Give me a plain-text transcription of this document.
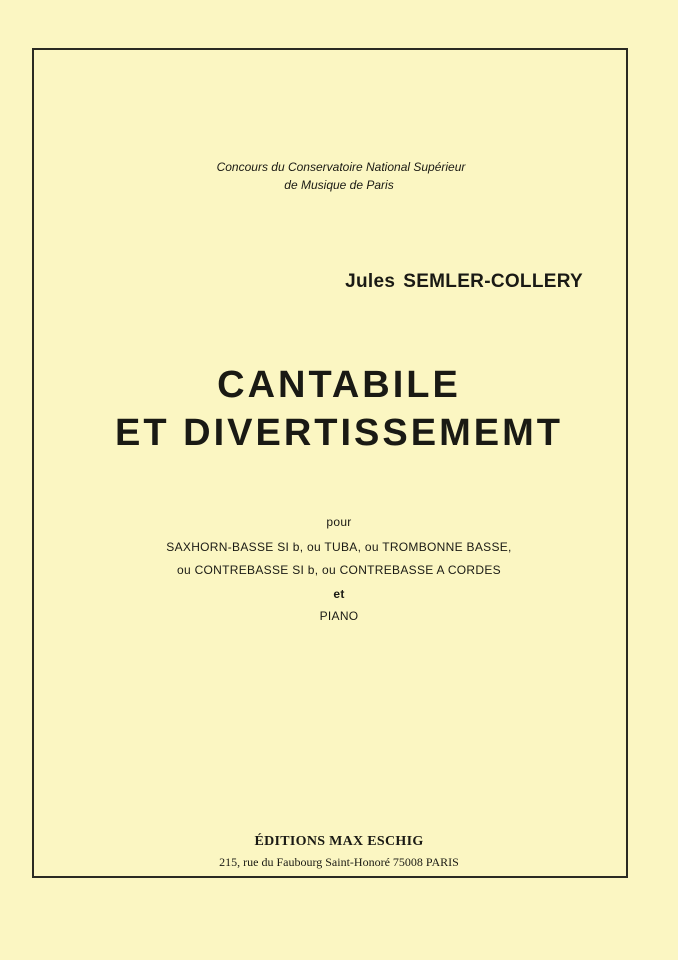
Concours du Conservatoire National Supérieur
de Musique de Paris
Jules SEMLER-COLLERY
CANTABILE
ET DIVERTISSEMEMT
pour
SAXHORN-BASSE SI b, ou TUBA, ou TROMBONNE BASSE,
ou CONTREBASSE SI b, ou CONTREBASSE A CORDES
et
PIANO
ÉDITIONS MAX ESCHIG
215, rue du Faubourg Saint-Honoré 75008 PARIS
